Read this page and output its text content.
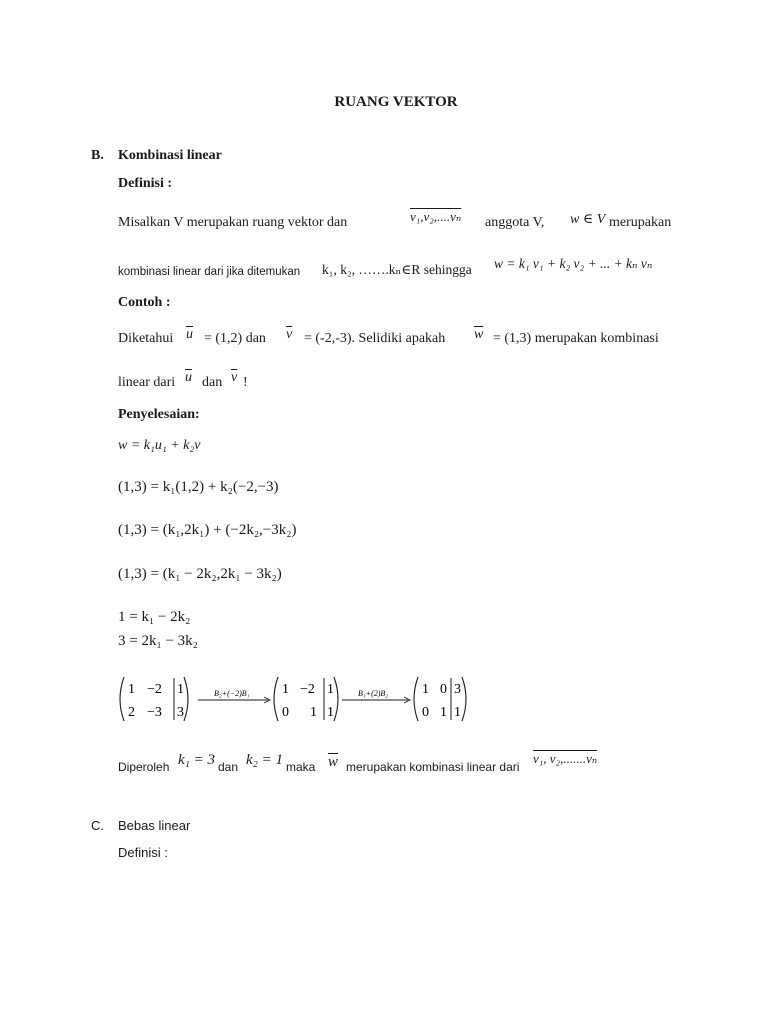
RUANG VEKTOR
B. Kombinasi linear
Definisi :
Misalkan V merupakan ruang vektor dan	v₁,v₂,....vₙ anggota V, w ∈ V merupakan
kombinasi linear dari jika ditemukan k₁, k₂, …….kₙ∈R sehingga w = k₁ v₁ + k₂ v₂ + ... + kₙ vₙ
Contoh :
Diketahui $\overline{u} = (1,2)$ dan $\overline{v} = (-2,-3)$. Selidiki apakah $\overline{w} = (1,3)$ merupakan kombinasi
linear dari $\overline{u}$ dan $\overline{v}$ !
Penyelesaian:
w = k₁u₁ + k₂v
(1,3) = k₁(1,2) + k₂(−2,−3)
(1,3) = (k₁,2k₁) + (−2k₂,−3k₂)
(1,3) = (k₁ − 2k₂,2k₁ − 3k₂)
1 = k₁ − 2k₂
3 = 2k₁ − 3k₂
1 −2 1
2 −3 3
B₂+(−2)B₁ 1 −2 1
0 1 1
B₁+(2)B₂ 1 0 3
0 1 1
Diperoleh k₁ = 3 dan k₂ = 1 maka $\overline{w}$ merupakan kombinasi linear dari
v₁, v₂,.......vₙ
C. Bebas linear
Definisi :
